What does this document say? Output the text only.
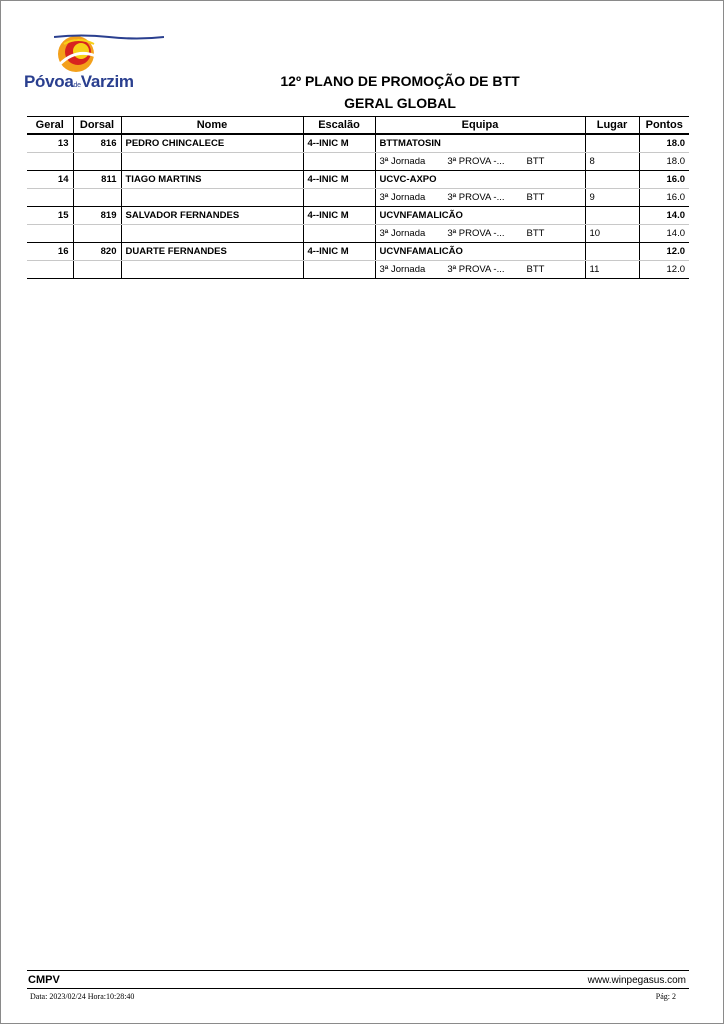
PóvoadeVarzim	12º PLANO DE PROMOÇÃO DE BTT
GERAL GLOBAL
Geral	Dorsal	Nome	Escalão	Equipa	Lugar	Pontos
13	816	PEDRO CHINCALECE	4--INIC M	BTTMATOSIN		18.0

				3ª Jornada 3ª PROVA -... BTT	8	18.0
14	811	TIAGO MARTINS	4--INIC M	UCVC-AXPO		16.0

				3ª Jornada 3ª PROVA -... BTT	9	16.0
15	819	SALVADOR FERNANDES	4--INIC M	UCVNFAMALICÃO		14.0

				3ª Jornada 3ª PROVA -... BTT	10	14.0
16	820	DUARTE FERNANDES	4--INIC M	UCVNFAMALICÃO		12.0

				3ª Jornada 3ª PROVA -... BTT	11	12.0
CMPV	www.winpegasus.com
Data: 2023/02/24 Hora:10:28:40	Pág: 2
